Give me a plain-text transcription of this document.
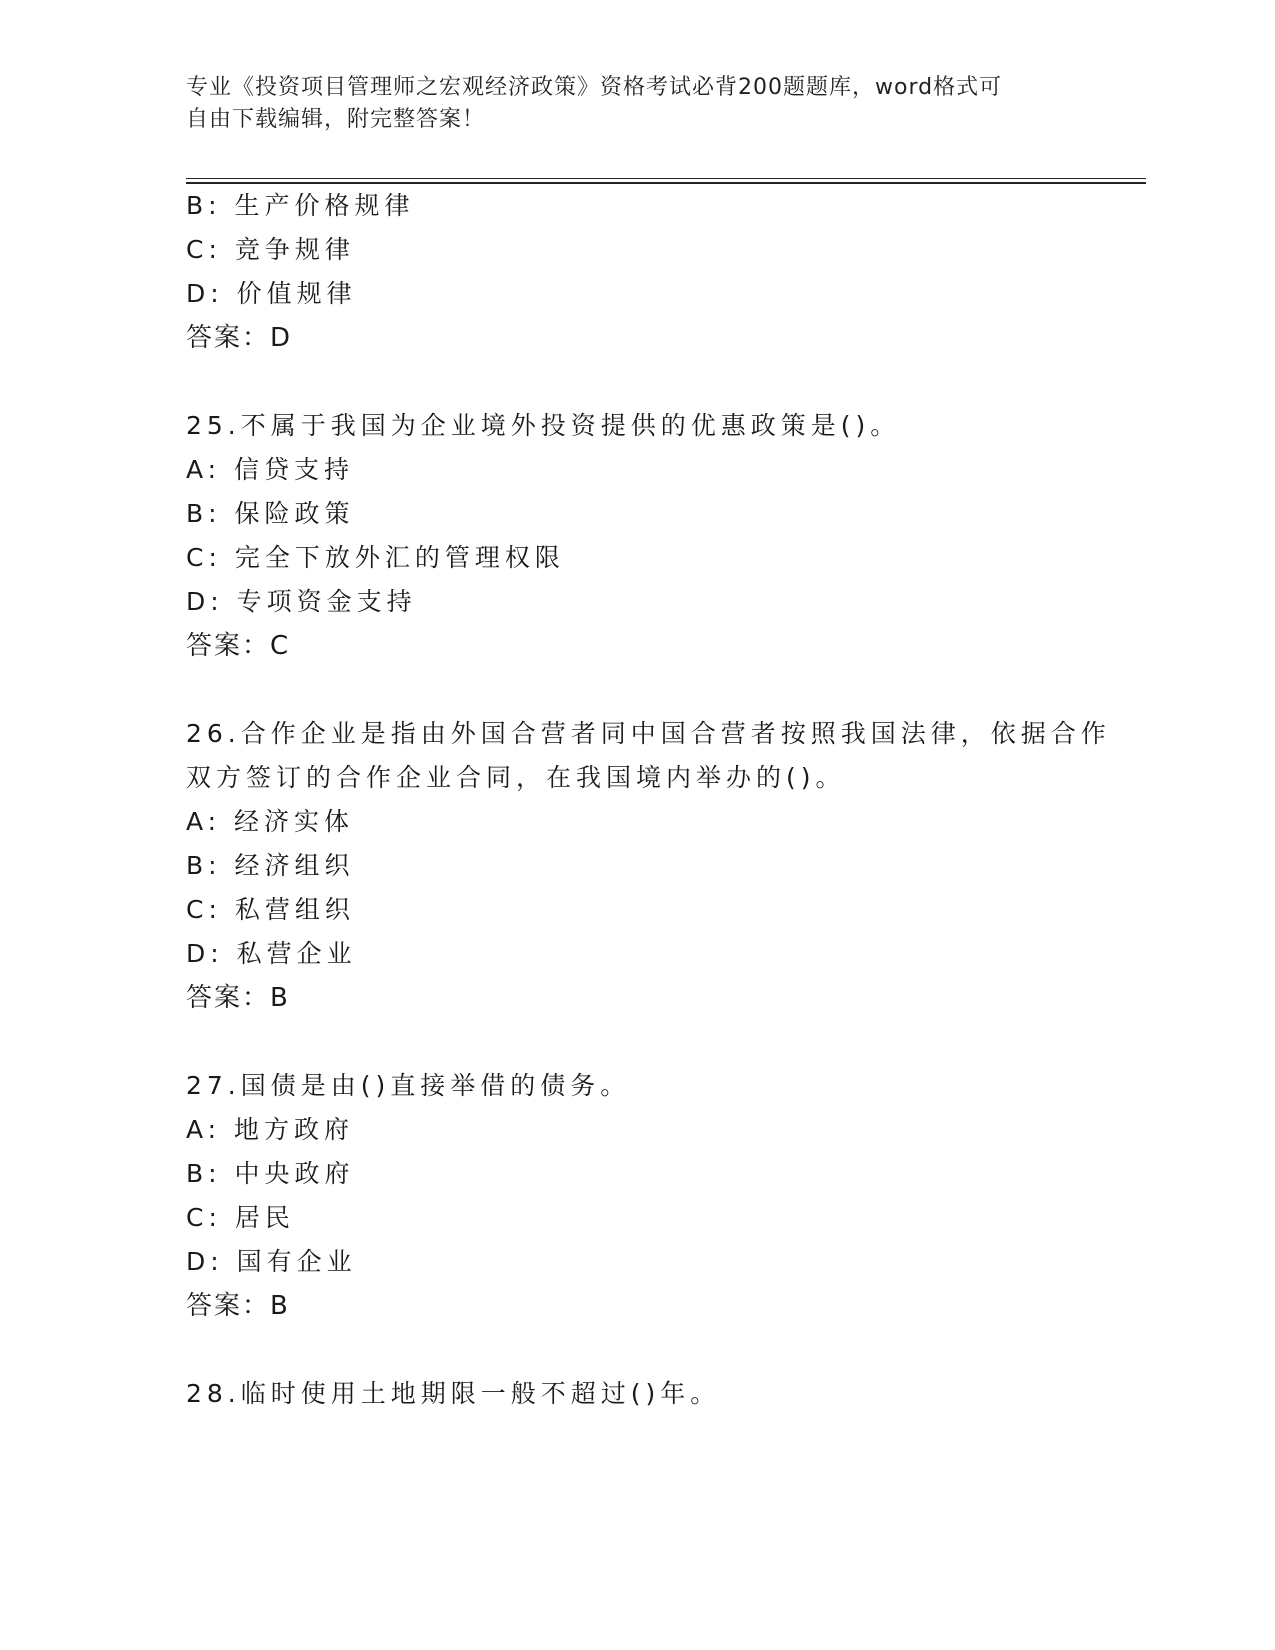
专业《投资项目管理师之宏观经济政策》资格考试必背200题题库，word格式可
自由下载编辑，附完整答案！
B: 生产价格规律
C: 竞争规律
D: 价值规律
答案：D
25.不属于我国为企业境外投资提供的优惠政策是()。
A: 信贷支持
B: 保险政策
C: 完全下放外汇的管理权限
D: 专项资金支持
答案：C
26.合作企业是指由外国合营者同中国合营者按照我国法律，依据合作
双方签订的合作企业合同，在我国境内举办的()。
A: 经济实体
B: 经济组织
C: 私营组织
D: 私营企业
答案：B
27.国债是由()直接举借的债务。
A: 地方政府
B: 中央政府
C: 居民
D: 国有企业
答案：B
28.临时使用土地期限一般不超过()年。
